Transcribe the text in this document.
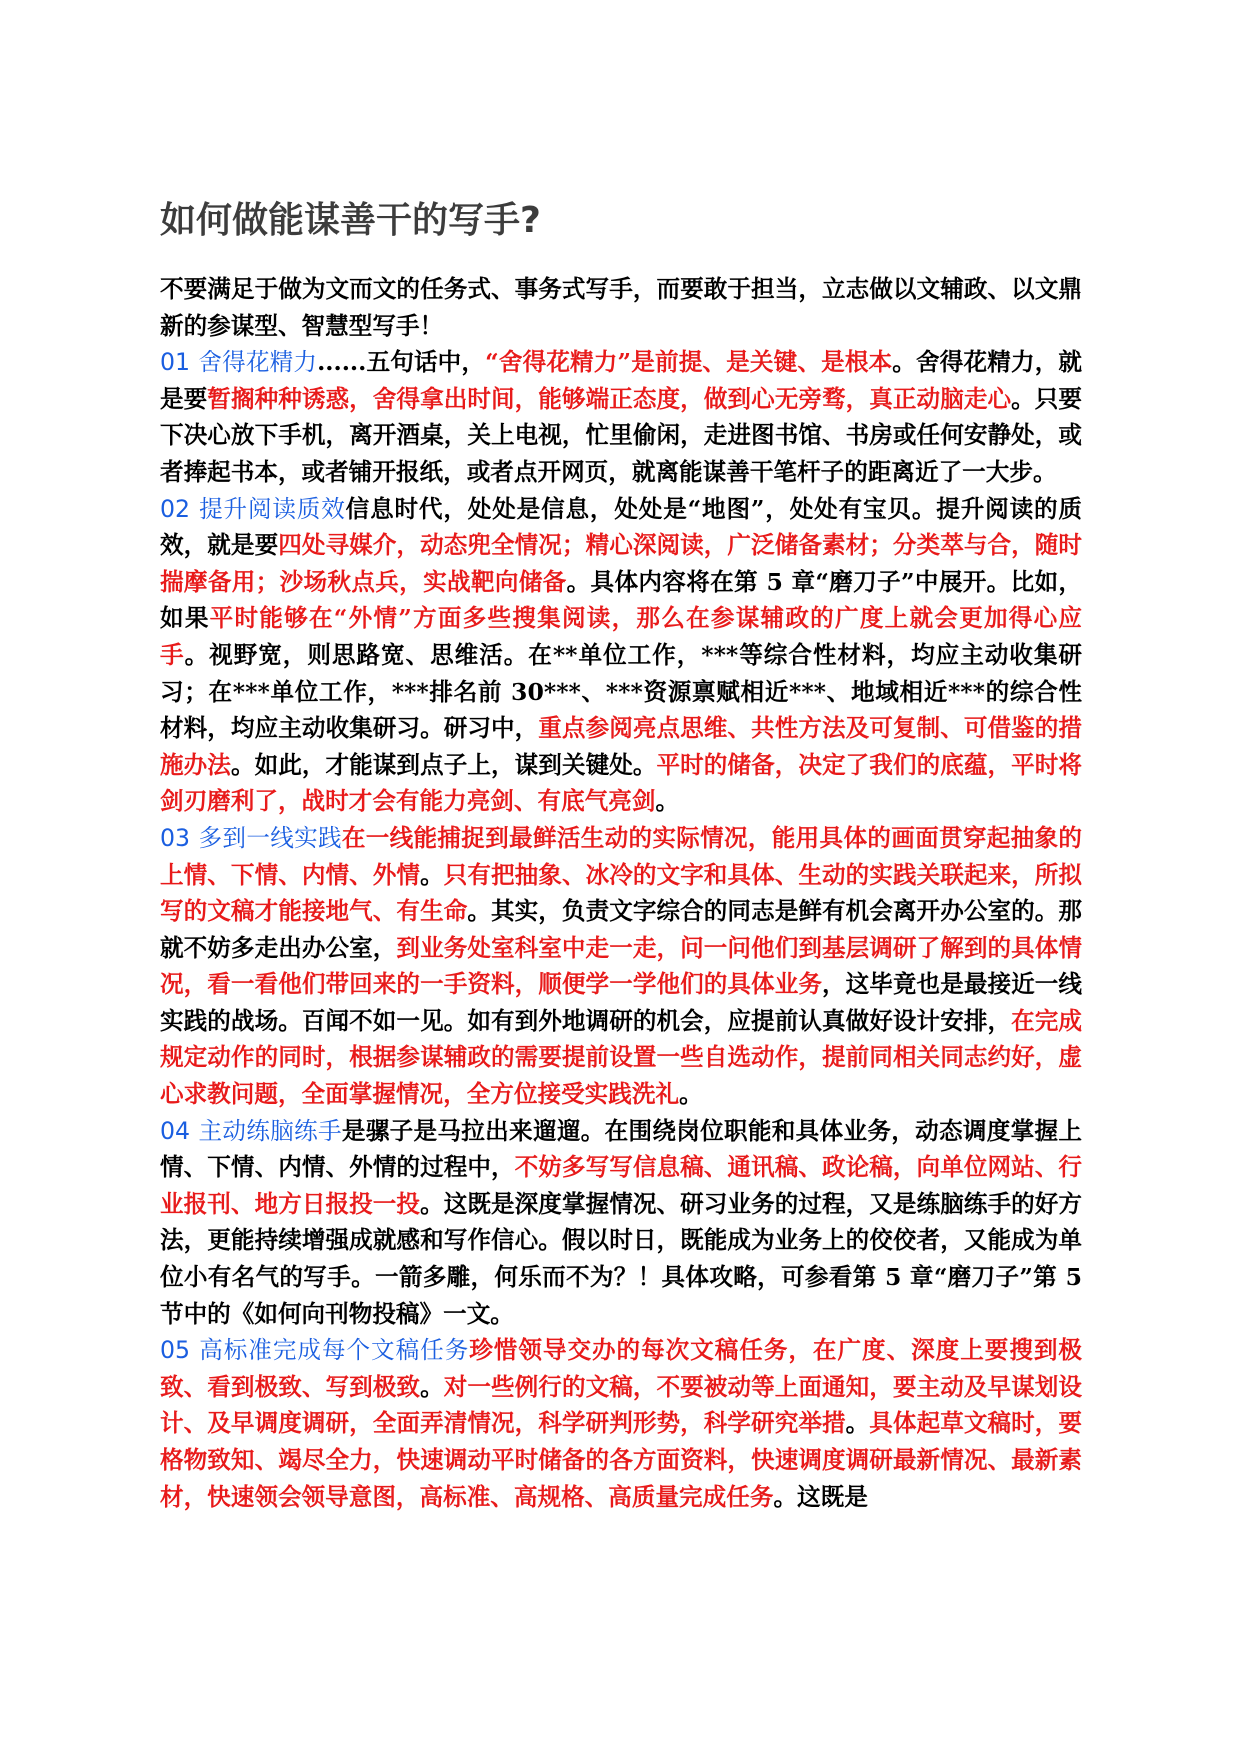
如何做能谋善干的写手?

不要满足于做为文而文的任务式、事务式写手，而要敢于担当，立志做以文辅政、以文鼎新的参谋型、智慧型写手！

01 舍得花精力......五句话中，“舍得花精力”是前提、是关键、是根本。舍得花精力，就是要暂搁种种诱惑，舍得拿出时间，能够端正态度，做到心无旁骛，真正动脑走心。只要下决心放下手机，离开酒桌，关上电视，忙里偷闲，走进图书馆、书房或任何安静处，或者捧起书本，或者铺开报纸，或者点开网页，就离能谋善干笔杆子的距离近了一大步。

02 提升阅读质效信息时代，处处是信息，处处是“地图”，处处有宝贝。提升阅读的质效，就是要四处寻媒介，动态兜全情况；精心深阅读，广泛储备素材；分类萃与合，随时揣摩备用；沙场秋点兵，实战靶向储备。具体内容将在第 5 章“磨刀子”中展开。比如，如果平时能够在“外情”方面多些搜集阅读，那么在参谋辅政的广度上就会更加得心应手。视野宽，则思路宽、思维活。在**单位工作，***等综合性材料，均应主动收集研习；在***单位工作，***排名前 30***、***资源禀赋相近***、地域相近***的综合性材料，均应主动收集研习。研习中，重点参阅亮点思维、共性方法及可复制、可借鉴的措施办法。如此，才能谋到点子上，谋到关键处。平时的储备，决定了我们的底蕴，平时将剑刃磨利了，战时才会有能力亮剑、有底气亮剑。

03 多到一线实践在一线能捕捉到最鲜活生动的实际情况，能用具体的画面贯穿起抽象的上情、下情、内情、外情。只有把抽象、冰冷的文字和具体、生动的实践关联起来，所拟写的文稿才能接地气、有生命。其实，负责文字综合的同志是鲜有机会离开办公室的。那就不妨多走出办公室，到业务处室科室中走一走，问一问他们到基层调研了解到的具体情况，看一看他们带回来的一手资料，顺便学一学他们的具体业务，这毕竟也是最接近一线实践的战场。百闻不如一见。如有到外地调研的机会，应提前认真做好设计安排，在完成规定动作的同时，根据参谋辅政的需要提前设置一些自选动作，提前同相关同志约好，虚心求教问题，全面掌握情况，全方位接受实践洗礼。

04 主动练脑练手是骡子是马拉出来遛遛。在围绕岗位职能和具体业务，动态调度掌握上情、下情、内情、外情的过程中，不妨多写写信息稿、通讯稿、政论稿，向单位网站、行业报刊、地方日报投一投。这既是深度掌握情况、研习业务的过程，又是练脑练手的好方法，更能持续增强成就感和写作信心。假以时日，既能成为业务上的佼佼者，又能成为单位小有名气的写手。一箭多雕，何乐而不为？！具体攻略，可参看第 5 章“磨刀子”第 5 节中的《如何向刊物投稿》一文。

05 高标准完成每个文稿任务珍惜领导交办的每次文稿任务，在广度、深度上要搜到极致、看到极致、写到极致。对一些例行的文稿，不要被动等上面通知，要主动及早谋划设计、及早调度调研，全面弄清情况，科学研判形势，科学研究举措。具体起草文稿时，要格物致知、竭尽全力，快速调动平时储备的各方面资料，快速调度调研最新情况、最新素材，快速领会领导意图，高标准、高规格、高质量完成任务。这既是
